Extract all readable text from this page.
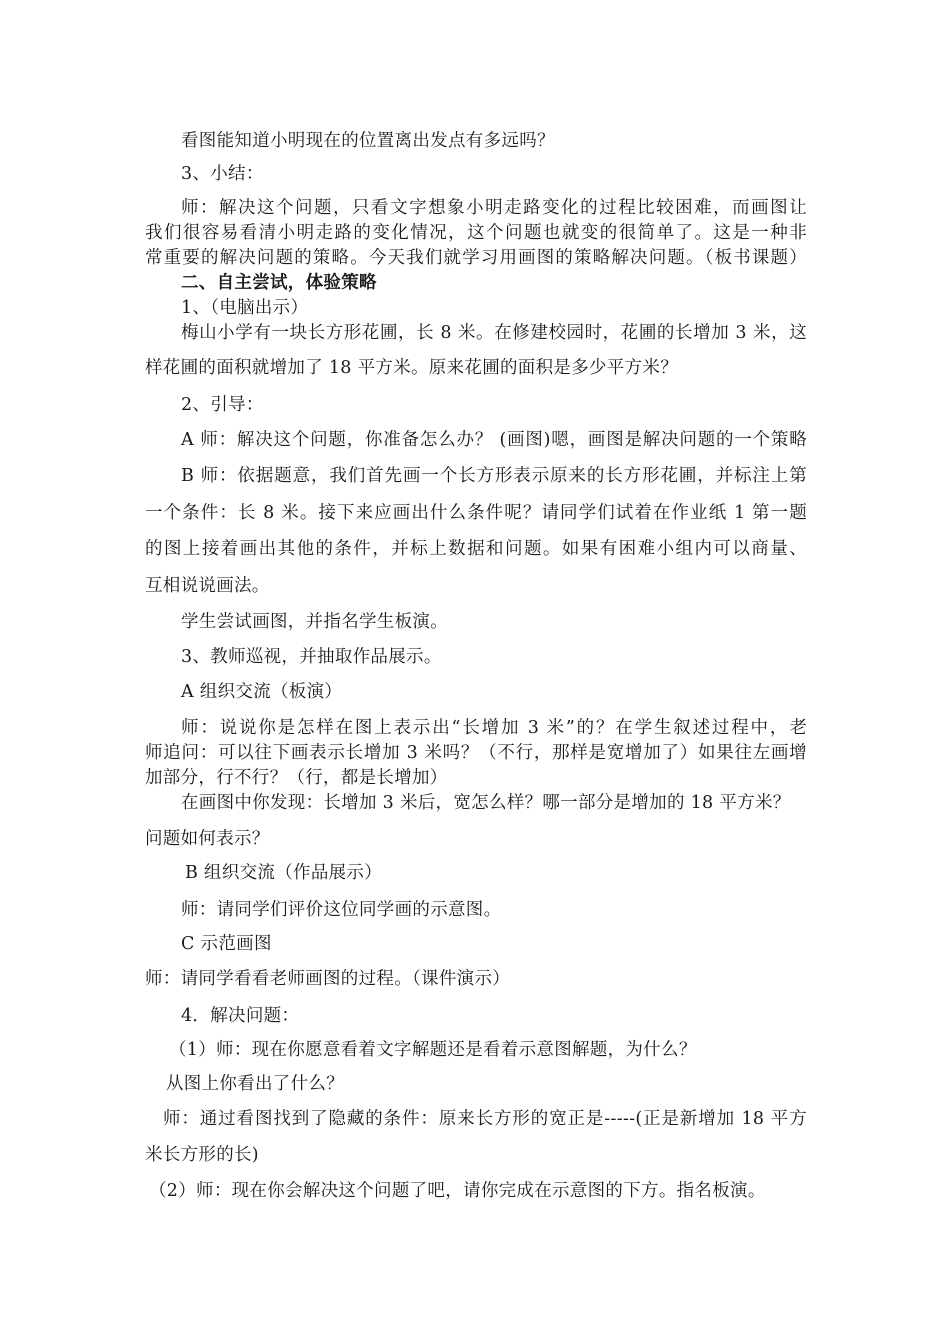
看图能知道小明现在的位置离出发点有多远吗？
3、小结：
师：解决这个问题，只看文字想象小明走路变化的过程比较困难，而画图让
我们很容易看清小明走路的变化情况，这个问题也就变的很简单了。这是一种非
常重要的解决问题的策略。今天我们就学习用画图的策略解决问题。（板书课题）
二、自主尝试，体验策略
1、（电脑出示）
梅山小学有一块长方形花圃，长 8 米。在修建校园时，花圃的长增加 3 米，这
样花圃的面积就增加了 18 平方米。原来花圃的面积是多少平方米？
2、引导：
A 师：解决这个问题，你准备怎么办？ (画图)嗯，画图是解决问题的一个策略
B 师：依据题意，我们首先画一个长方形表示原来的长方形花圃，并标注上第
一个条件：长 8 米。接下来应画出什么条件呢？请同学们试着在作业纸 1 第一题
的图上接着画出其他的条件，并标上数据和问题。如果有困难小组内可以商量、
互相说说画法。
学生尝试画图，并指名学生板演。
3、教师巡视，并抽取作品展示。
A 组织交流（板演）
师：说说你是怎样在图上表示出“长增加 3 米”的？在学生叙述过程中，老
师追问：可以往下画表示长增加 3 米吗？（不行，那样是宽增加了）如果往左画增
加部分，行不行？（行，都是长增加）
在画图中你发现：长增加 3 米后，宽怎么样？哪一部分是增加的 18 平方米？
问题如何表示？
B 组织交流（作品展示）
师：请同学们评价这位同学画的示意图。
C 示范画图
师：请同学看看老师画图的过程。（课件演示）
4．解决问题：
（1）师：现在你愿意看着文字解题还是看着示意图解题，为什么？
从图上你看出了什么？
师：通过看图找到了隐藏的条件：原来长方形的宽正是-----(正是新增加 18 平方
米长方形的长)
（2）师：现在你会解决这个问题了吧，请你完成在示意图的下方。指名板演。
